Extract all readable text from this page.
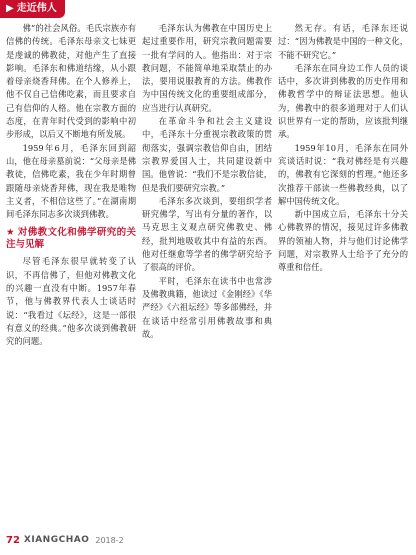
▶ 走近伟人

佛”的社会风俗。毛氏宗族亦有信佛的传统。毛泽东母亲文七妹更是虔诚的佛教徒，对他产生了直接影响。毛泽东和佛道结缘，从小跟着母亲烧香拜佛。在个人修养上，他不仅自己信佛吃素，而且要求自己有信仰的人格。他在宗教方面的态度，在青年时代受到的影响中初步形成，以后又不断地有所发展。

1959年6月，毛泽东回到韶山，他在母亲墓前说：“父母亲是佛教徒，信佛吃素，我在少年时期曾跟随母亲烧香拜佛，现在我是唯物主义者，不相信这些了。”在湖南期间毛泽东同志多次谈到佛教。

★ 对佛教文化和佛学研究的关注与见解

尽管毛泽东很早就转变了认识，不再信佛了，但他对佛教文化的兴趣一直没有中断。1957年春节，他与佛教界代表人士谈话时说：“我看过《坛经》，这是一部很有意义的经典。”他多次谈到佛教研究的问题。

毛泽东认为佛教在中国历史上起过重要作用，研究宗教问题需要一批有学问的人。他指出：对于宗教问题，不能简单地采取禁止的办法，要用说服教育的方法。佛教作为中国传统文化的重要组成部分，应当进行认真研究。

在革命斗争和社会主义建设中，毛泽东十分重视宗教政策的贯彻落实，强调宗教信仰自由，团结宗教界爱国人士，共同建设新中国。他曾说：“我们不是宗教信徒，但是我们要研究宗教。”

毛泽东多次谈到，要组织学者研究佛学，写出有分量的著作，以马克思主义观点研究佛教史、佛经，批判地吸收其中有益的东西。他对任继愈等学者的佛学研究给予了很高的评价。

平时，毛泽东在读书中也常涉及佛教典籍，他读过《金刚经》《华严经》《六祖坛经》等多部佛经，并在谈话中经常引用佛教故事和典故。

然无存。有话，毛泽东还说过：“因为佛教是中国的一种文化，不能不研究它。”

毛泽东在同身边工作人员的谈话中，多次讲到佛教的历史作用和佛教哲学中的辩证法思想。他认为，佛教中的很多道理对于人们认识世界有一定的帮助，应该批判继承。

1959年10月，毛泽东在同外宾谈话时说：“我对佛经是有兴趣的，佛教有它深刻的哲理。”他还多次推荐干部读一些佛教经典，以了解中国传统文化。

新中国成立后，毛泽东十分关心佛教界的情况，接见过许多佛教界的领袖人物，并与他们讨论佛学问题，对宗教界人士给予了充分的尊重和信任。

72 XIANGCHAO 2018-2
